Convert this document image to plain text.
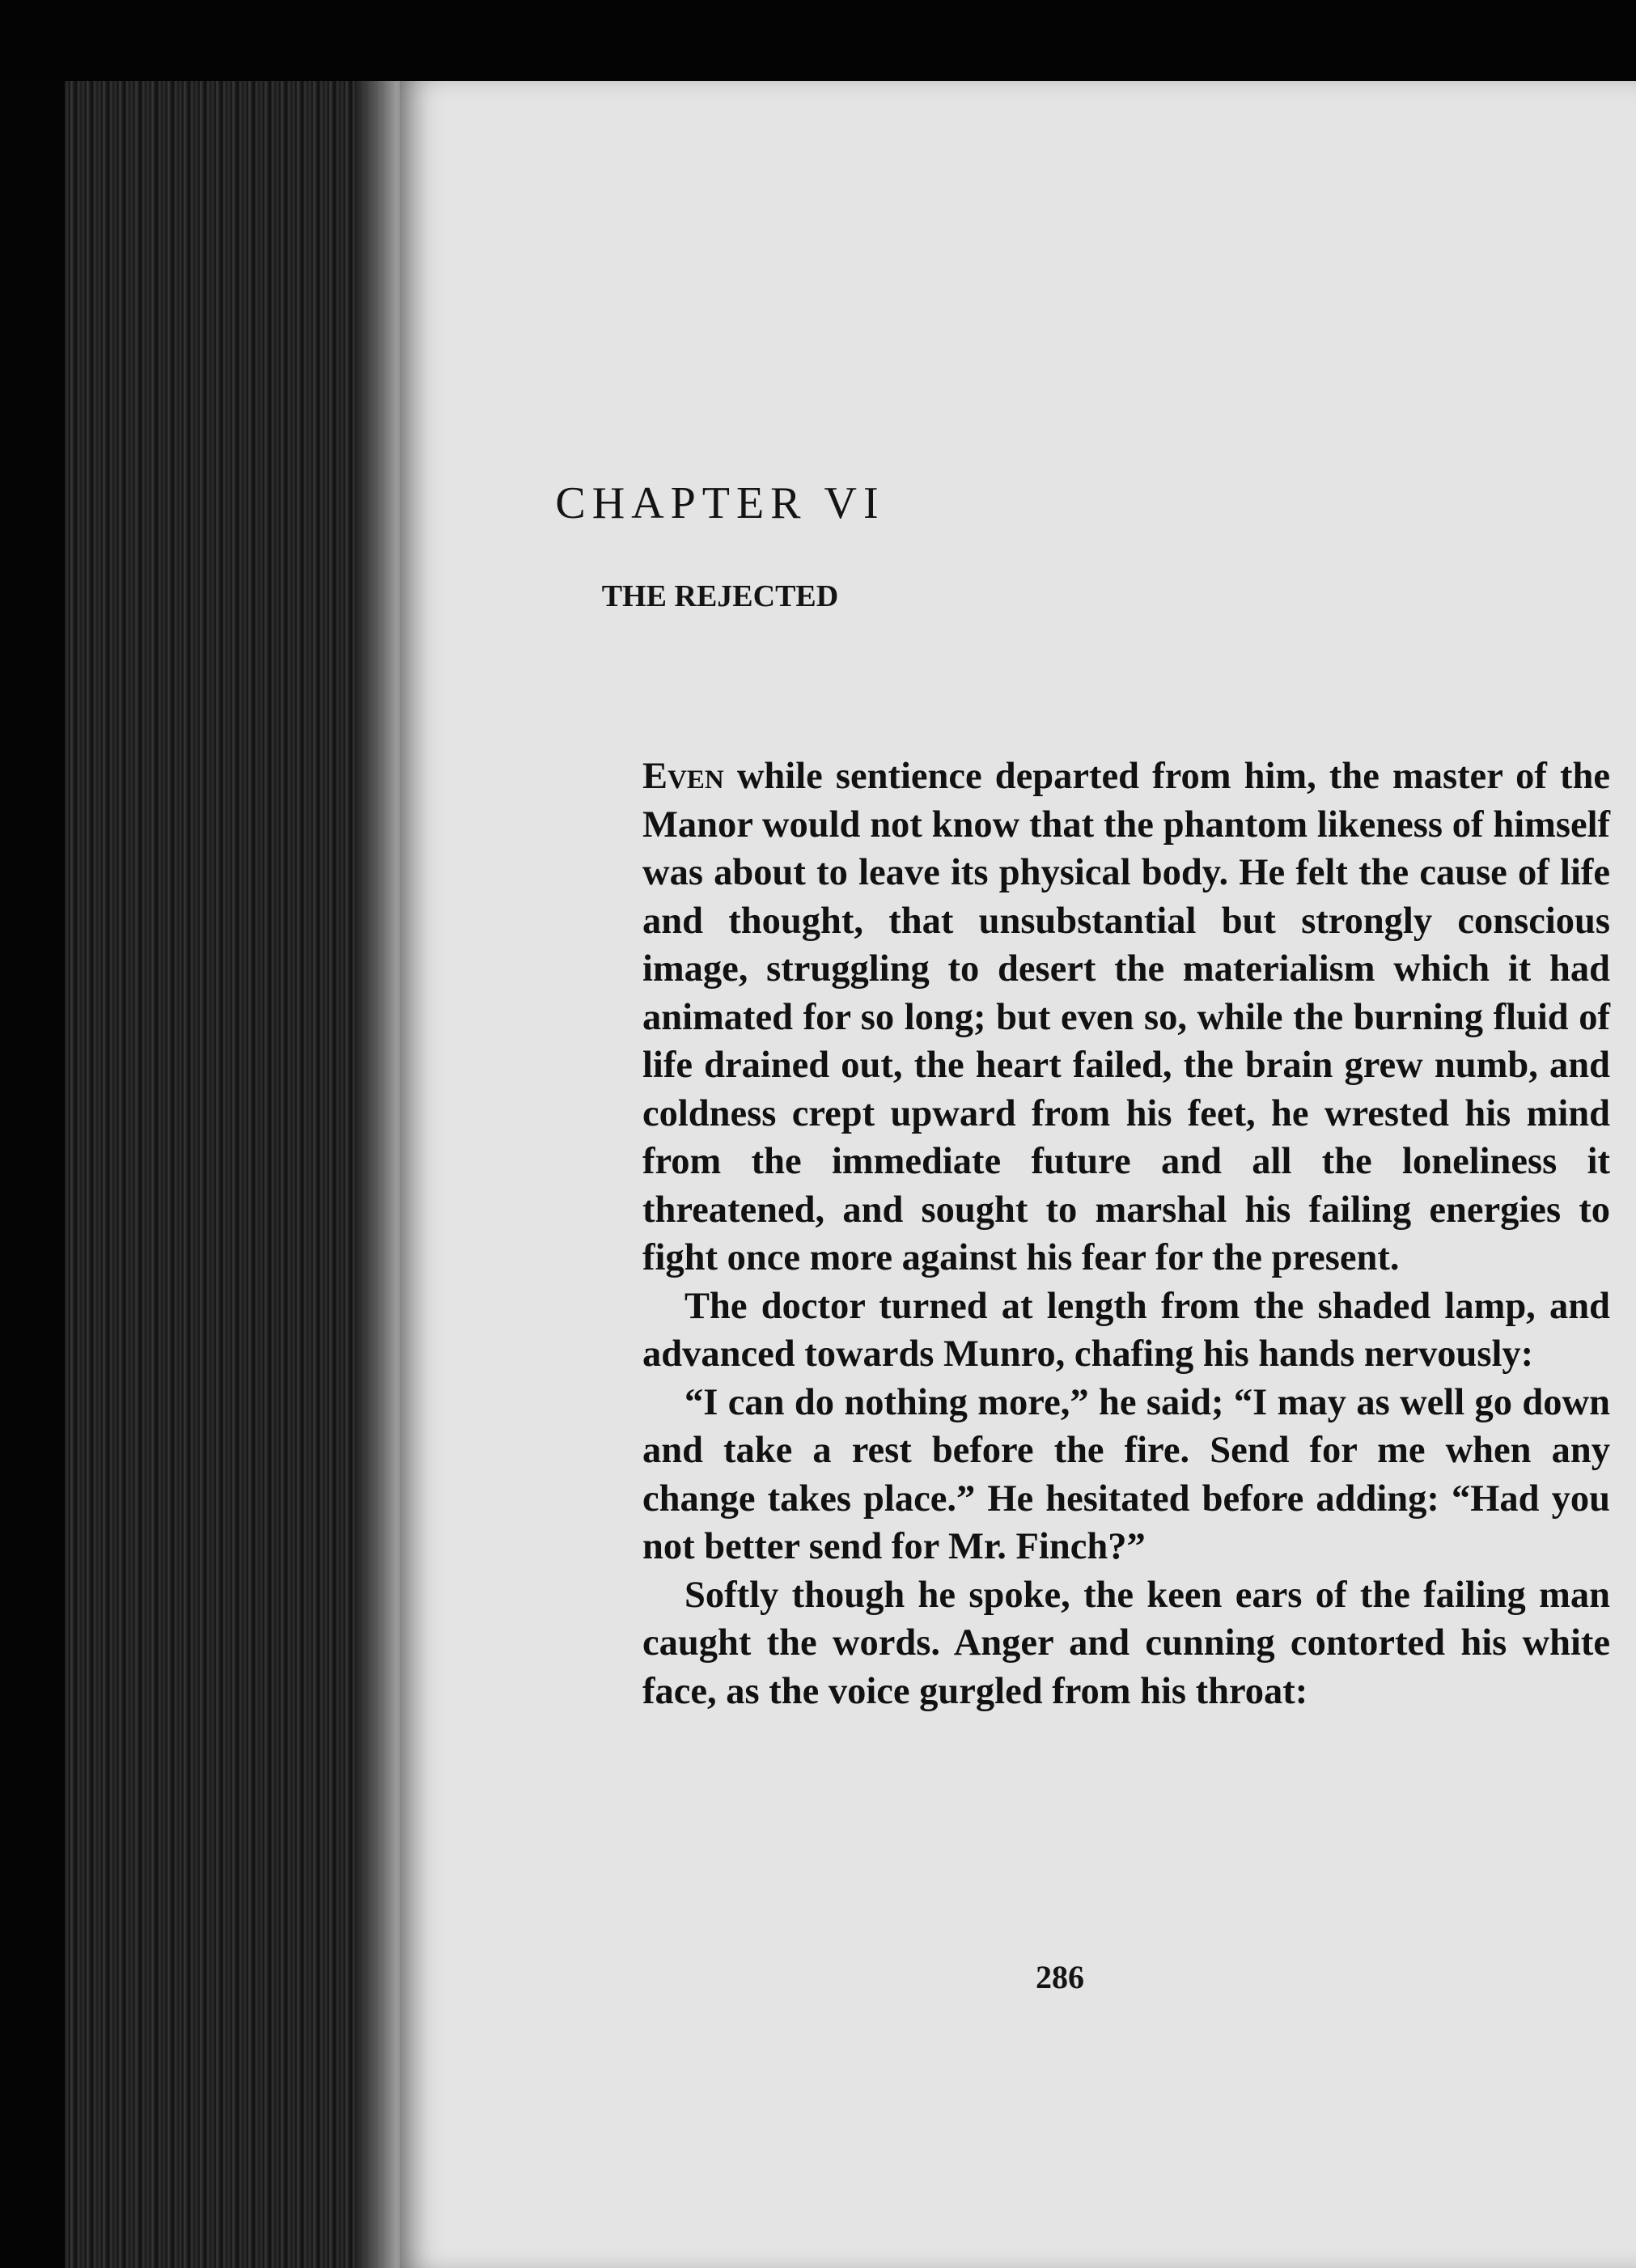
CHAPTER VI
THE REJECTED

Even while sentience departed from him, the master of the Manor would not know that the phantom likeness of himself was about to leave its physical body. He felt the cause of life and thought, that unsubstantial but strongly conscious image, struggling to desert the materialism which it had animated for so long; but even so, while the burning fluid of life drained out, the heart failed, the brain grew numb, and coldness crept upward from his feet, he wrested his mind from the immediate future and all the loneliness it threatened, and sought to marshal his failing energies to fight once more against his fear for the present.

The doctor turned at length from the shaded lamp, and advanced towards Munro, chafing his hands nervously:

“I can do nothing more,” he said; “I may as well go down and take a rest before the fire. Send for me when any change takes place.” He hesitated before adding: “Had you not better send for Mr. Finch?”

Softly though he spoke, the keen ears of the failing man caught the words. Anger and cunning contorted his white face, as the voice gurgled from his throat:

286
